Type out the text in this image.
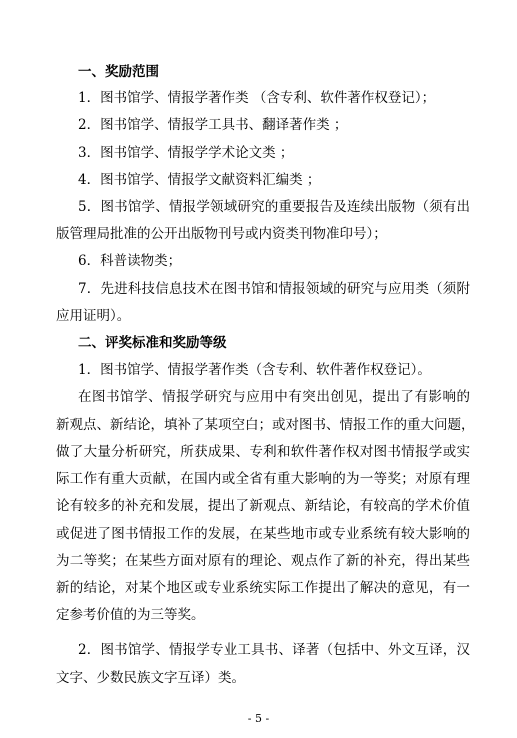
一、奖励范围
1．图书馆学、情报学著作类 （含专利、软件著作权登记）；
2．图书馆学、情报学工具书、翻译著作类 ；
3．图书馆学、情报学学术论文类 ；
4．图书馆学、情报学文献资料汇编类 ；
5．图书馆学、情报学领域研究的重要报告及连续出版物（须有出
版管理局批准的公开出版物刊号或内资类刊物准印号）；
6．科普读物类；
7．先进科技信息技术在图书馆和情报领域的研究与应用类（须附
应用证明）。
二、评奖标准和奖励等级
1．图书馆学、情报学著作类（含专利、软件著作权登记）。
在图书馆学、情报学研究与应用中有突出创见，提出了有影响的
新观点、新结论，填补了某项空白；或对图书、情报工作的重大问题，
做了大量分析研究，所获成果、专利和软件著作权对图书情报学或实
际工作有重大贡献，在国内或全省有重大影响的为一等奖；对原有理
论有较多的补充和发展，提出了新观点、新结论，有较高的学术价值
或促进了图书情报工作的发展，在某些地市或专业系统有较大影响的
为二等奖；在某些方面对原有的理论、观点作了新的补充，得出某些
新的结论，对某个地区或专业系统实际工作提出了解决的意见，有一
定参考价值的为三等奖。
2．图书馆学、情报学专业工具书、译著（包括中、外文互译，汉
文字、少数民族文字互译）类。
- 5 -
